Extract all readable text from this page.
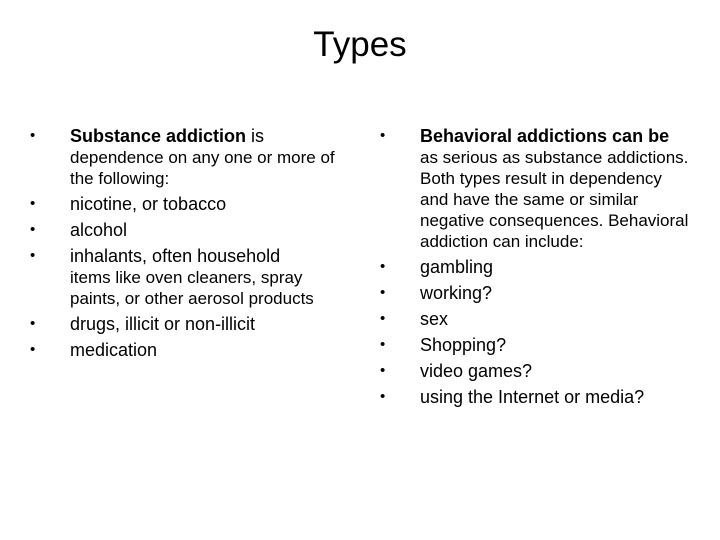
Types
• Substance addiction is
dependence on any one or more of the following:
• nicotine, or tobacco
• alcohol
• inhalants, often household
items like oven cleaners, spray paints, or other aerosol products
• drugs, illicit or non-illicit
• medication
• Behavioral addictions can be
as serious as substance addictions. Both types result in dependency and have the same or similar negative consequences. Behavioral addiction can include:
• gambling
• working?
• sex
• Shopping?
• video games?
• using the Internet or media?
